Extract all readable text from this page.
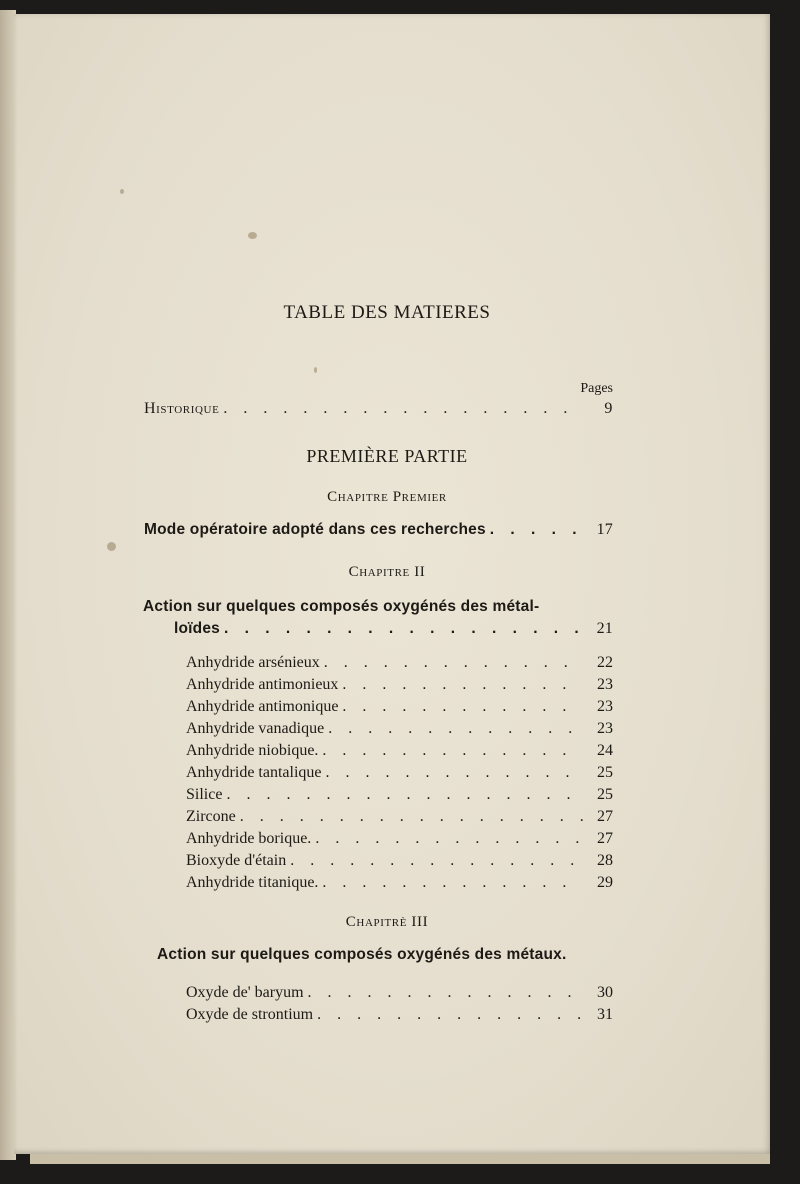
TABLE DES MATIERES
Pages
Historique . . .	9
PREMIÈRE PARTIE
Chapitre Premier
Mode opératoire adopté dans ces recherches . . .	17
Chapitre II
Action sur quelques composés oxygénés des métal-
loïdes . . .	21
Anhydride arsénieux . . .	22
Anhydride antimonieux . . .	23
Anhydride antimonique . . .	23
Anhydride vanadique . . .	23
Anhydride niobique. . . .	24
Anhydride tantalique . . .	25
Silice . . .	25
Zircone . . .	27
Anhydride borique. . . .	27
Bioxyde d'étain . . .	28
Anhydride titanique. . . .	29
Chapitrè III
Action sur quelques composés oxygénés des métaux.
Oxyde de' baryum . . .	30
Oxyde de strontium . . .	31
